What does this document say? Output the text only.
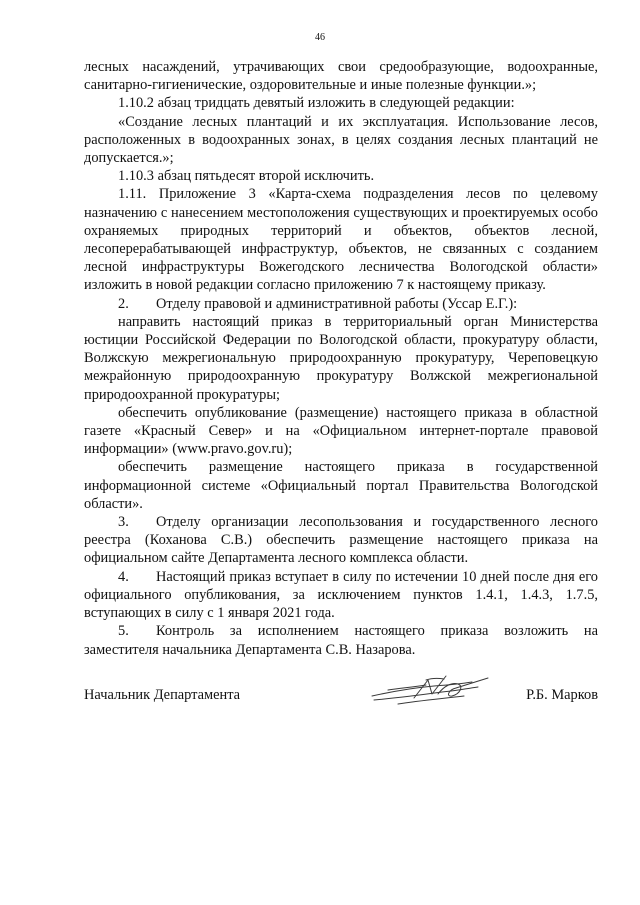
46

лесных насаждений, утрачивающих свои средообразующие, водоохранные, санитарно-гигиенические, оздоровительные и иные полезные функции.»;

1.10.2 абзац тридцать девятый изложить в следующей редакции:

«Создание лесных плантаций и их эксплуатация. Использование лесов, расположенных в водоохранных зонах, в целях создания лесных плантаций не допускается.»;

1.10.3 абзац пятьдесят второй исключить.

1.11. Приложение 3 «Карта-схема подразделения лесов по целевому назначению с нанесением местоположения существующих и проектируемых особо охраняемых природных территорий и объектов, объектов лесной, лесоперерабатывающей инфраструктур, объектов, не связанных с созданием лесной инфраструктуры Вожегодского лесничества Вологодской области» изложить в новой редакции согласно приложению 7 к настоящему приказу.

2. Отделу правовой и административной работы (Уссар Е.Г.):

направить настоящий приказ в территориальный орган Министерства юстиции Российской Федерации по Вологодской области, прокуратуру области, Волжскую межрегиональную природоохранную прокуратуру, Череповецкую межрайонную природоохранную прокуратуру Волжской межрегиональной природоохранной прокуратуры;

обеспечить опубликование (размещение) настоящего приказа в областной газете «Красный Север» и на «Официальном интернет-портале правовой информации» (www.pravo.gov.ru);

обеспечить размещение настоящего приказа в государственной информационной системе «Официальный портал Правительства Вологодской области».

3. Отделу организации лесопользования и государственного лесного реестра (Коханова С.В.) обеспечить размещение настоящего приказа на официальном сайте Департамента лесного комплекса области.

4. Настоящий приказ вступает в силу по истечении 10 дней после дня его официального опубликования, за исключением пунктов 1.4.1, 1.4.3, 1.7.5, вступающих в силу с 1 января 2021 года.

5. Контроль за исполнением настоящего приказа возложить на заместителя начальника Департамента С.В. Назарова.

Начальник Департамента	Р.Б. Марков
